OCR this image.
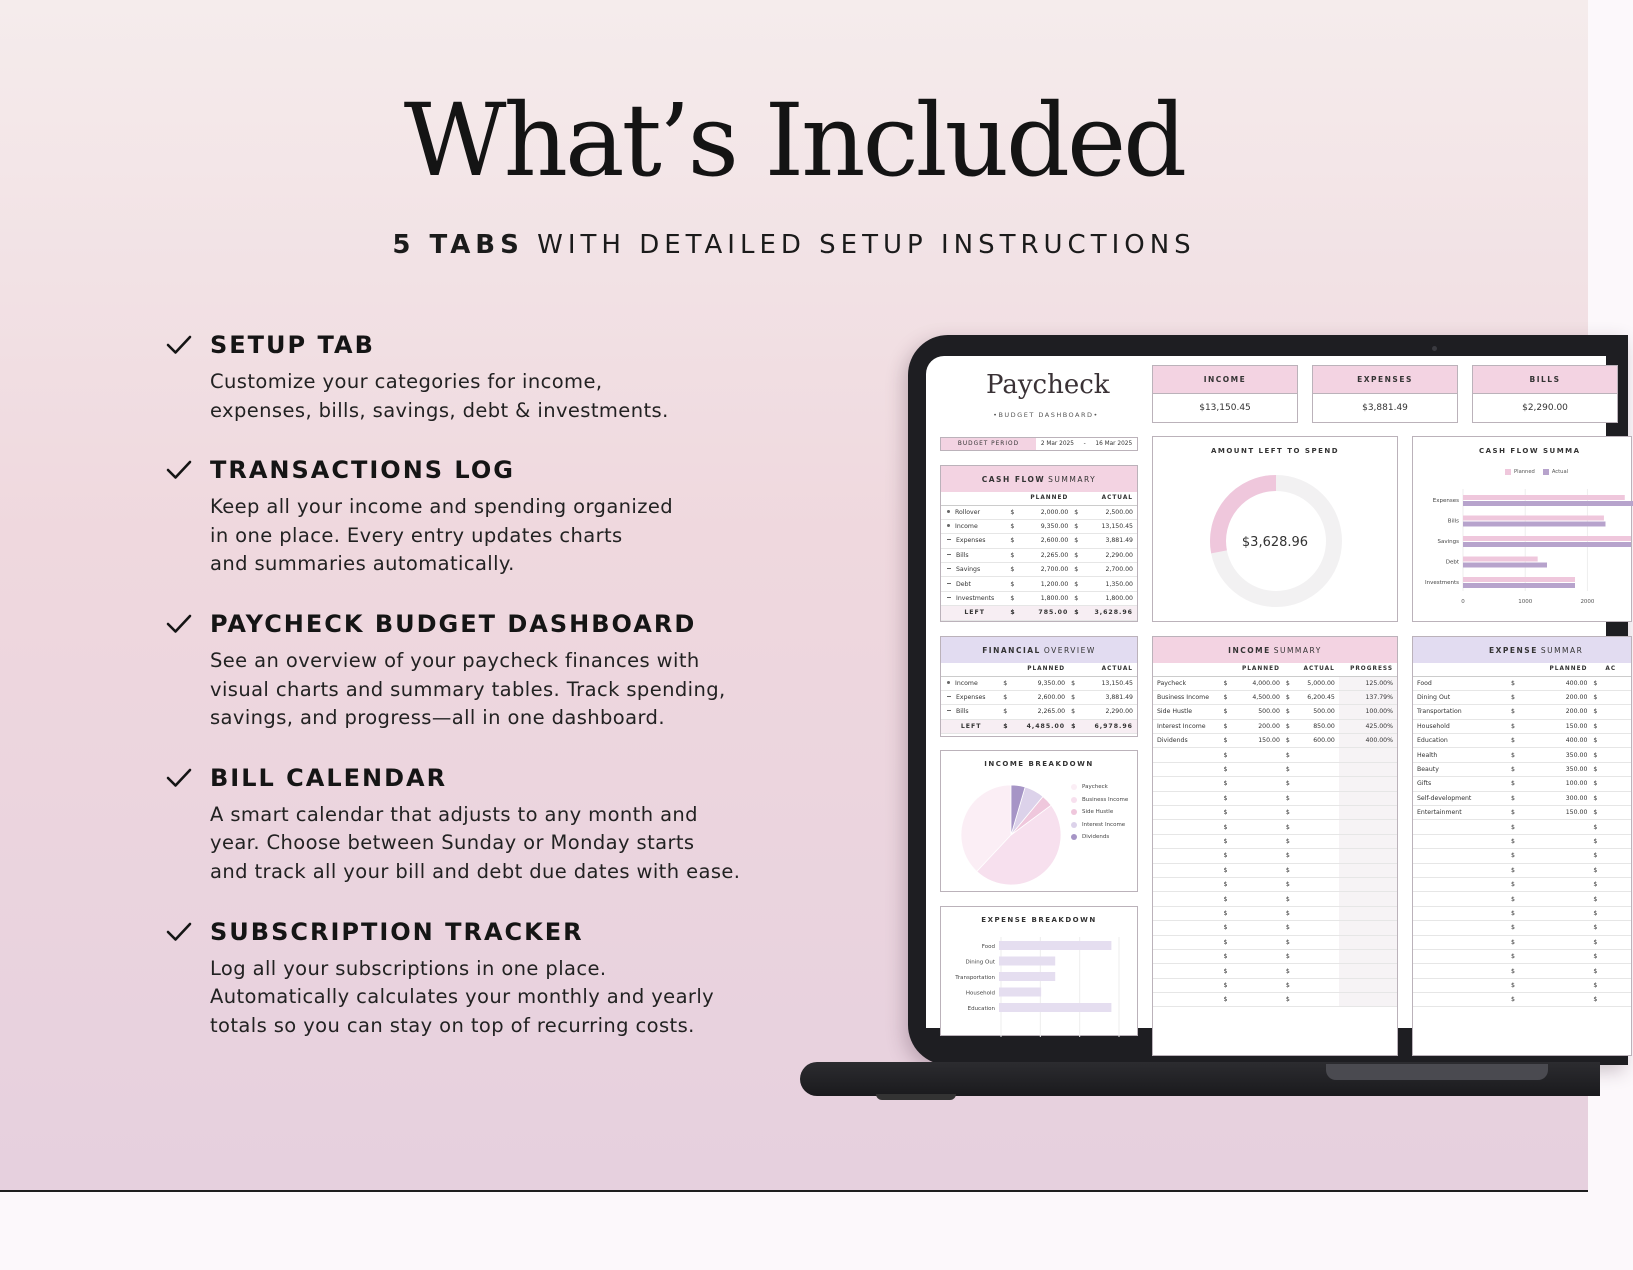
What’s Included
5 TABS WITH DETAILED SETUP INSTRUCTIONS
SETUP TAB
Customize your categories for income,
expenses, bills, savings, debt & investments.
TRANSACTIONS LOG
Keep all your income and spending organized
in one place. Every entry updates charts
and summaries automatically.
PAYCHECK BUDGET DASHBOARD
See an overview of your paycheck finances with
visual charts and summary tables. Track spending,
savings, and progress—all in one dashboard.
BILL CALENDAR
A smart calendar that adjusts to any month and
year. Choose between Sunday or Monday starts
and track all your bill and debt due dates with ease.
SUBSCRIPTION TRACKER
Log all your subscriptions in one place.
Automatically calculates your monthly and yearly
totals so you can stay on top of recurring costs.
Paycheck
•BUDGET DASHBOARD•
INCOME
$13,150.45
EXPENSES
$3,881.49
BILLS
$2,290.00
BUDGET PERIOD	2 Mar 2025 - 16 Mar 2025
CASH FLOW SUMMARY
		PLANNED		ACTUAL
Rollover	$	2,000.00	$	2,500.00
Income	$	9,350.00	$	13,150.45
Expenses	$	2,600.00	$	3,881.49
Bills	$	2,265.00	$	2,290.00
Savings	$	2,700.00	$	2,700.00
Debt	$	1,200.00	$	1,350.00
Investments	$	1,800.00	$	1,800.00
LEFT	$	785.00	$	3,628.96
AMOUNT LEFT TO SPEND
$3,628.96
CASH FLOW SUMMA
Planned	Actual
0	1000	2000
Expenses
Bills
Savings
Debt
Investments
FINANCIAL OVERVIEW
		PLANNED		ACTUAL
Income	$	9,350.00	$	13,150.45
Expenses	$	2,600.00	$	3,881.49
Bills	$	2,265.00	$	2,290.00
LEFT	$	4,485.00	$	6,978.96
INCOME BREAKDOWN
Paycheck
Business Income
Side Hustle
Interest Income
Dividends
EXPENSE BREAKDOWN
Food
Dining Out
Transportation
Household
Education
INCOME SUMMARY
		PLANNED		ACTUAL	PROGRESS
Paycheck	$	4,000.00	$	5,000.00	125.00%
Business Income	$	4,500.00	$	6,200.45	137.79%
Side Hustle	$	500.00	$	500.00	100.00%
Interest Income	$	200.00	$	850.00	425.00%
Dividends	$	150.00	$	600.00	400.00%
	$		$		
	$		$		
	$		$		
	$		$		
	$		$		
	$		$		
	$		$		
	$		$		
	$		$		
	$		$		
	$		$		
	$		$		
	$		$		
	$		$		
	$		$		
	$		$		
	$		$		
	$		$		
EXPENSE SUMMAR
		PLANNED		AC
Food	$	400.00	$	
Dining Out	$	200.00	$	
Transportation	$	200.00	$	
Household	$	150.00	$	
Education	$	400.00	$	
Health	$	350.00	$	
Beauty	$	350.00	$	
Gifts	$	100.00	$	
Self-development	$	300.00	$	
Entertainment	$	150.00	$	
	$		$	
	$		$	
	$		$	
	$		$	
	$		$	
	$		$	
	$		$	
	$		$	
	$		$	
	$		$	
	$		$	
	$		$	
	$		$	
